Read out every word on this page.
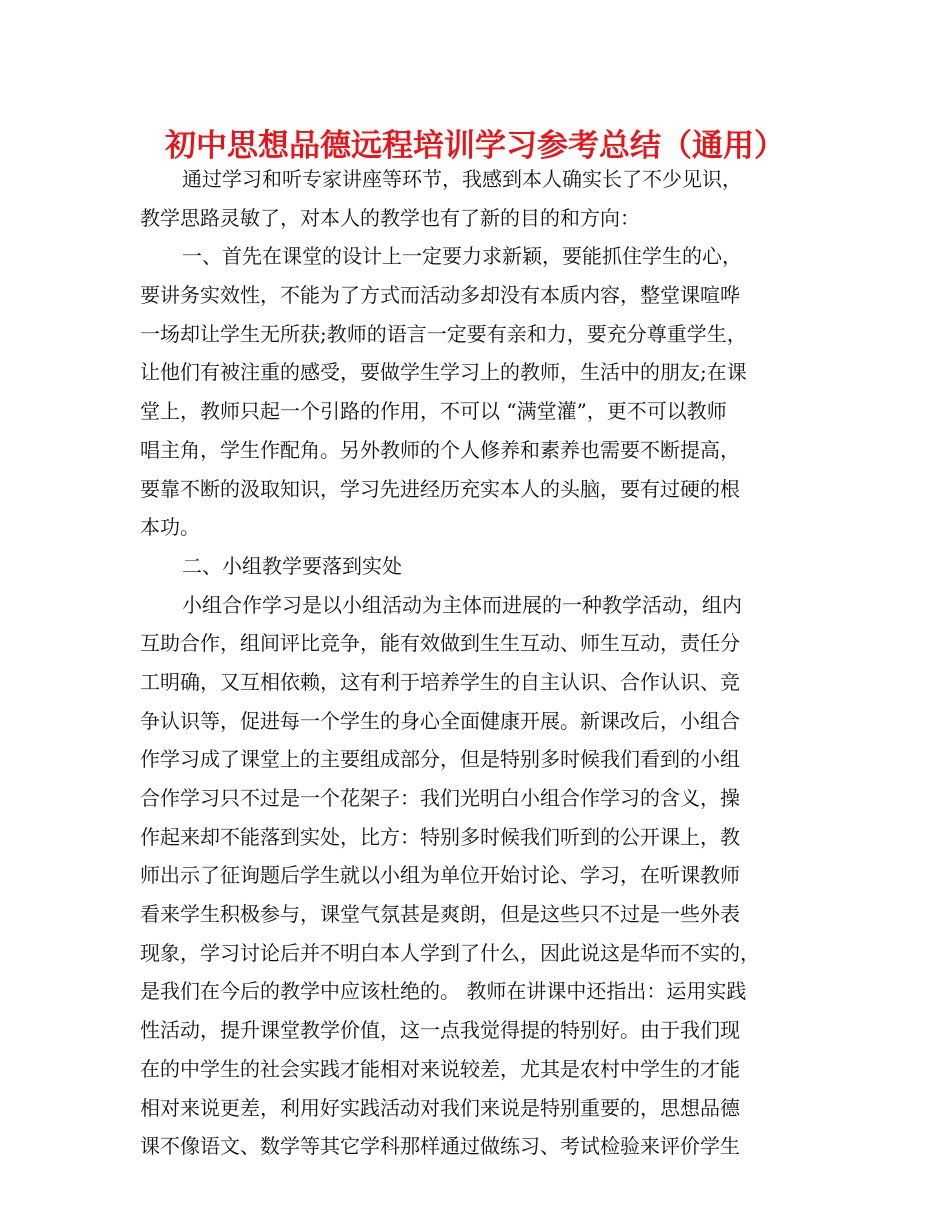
初中思想品德远程培训学习参考总结（通用）
通过学习和听专家讲座等环节，我感到本人确实长了不少见识，
教学思路灵敏了，对本人的教学也有了新的目的和方向：
一、首先在课堂的设计上一定要力求新颖，要能抓住学生的心，
要讲务实效性，不能为了方式而活动多却没有本质内容，整堂课喧哗
一场却让学生无所获;教师的语言一定要有亲和力，要充分尊重学生，
让他们有被注重的感受，要做学生学习上的教师，生活中的朋友;在课
堂上，教师只起一个引路的作用，不可以 “满堂灌”，更不可以教师
唱主角，学生作配角。另外教师的个人修养和素养也需要不断提高，
要靠不断的汲取知识，学习先进经历充实本人的头脑，要有过硬的根
本功。
二、小组教学要落到实处
小组合作学习是以小组活动为主体而进展的一种教学活动，组内
互助合作，组间评比竞争，能有效做到生生互动、师生互动，责任分
工明确，又互相依赖，这有利于培养学生的自主认识、合作认识、竞
争认识等，促进每一个学生的身心全面健康开展。新课改后，小组合
作学习成了课堂上的主要组成部分，但是特别多时候我们看到的小组
合作学习只不过是一个花架子：我们光明白小组合作学习的含义，操
作起来却不能落到实处，比方：特别多时候我们听到的公开课上，教
师出示了征询题后学生就以小组为单位开始讨论、学习，在听课教师
看来学生积极参与，课堂气氛甚是爽朗，但是这些只不过是一些外表
现象，学习讨论后并不明白本人学到了什么，因此说这是华而不实的，
是我们在今后的教学中应该杜绝的。 教师在讲课中还指出：运用实践
性活动，提升课堂教学价值，这一点我觉得提的特别好。由于我们现
在的中学生的社会实践才能相对来说较差，尤其是农村中学生的才能
相对来说更差，利用好实践活动对我们来说是特别重要的，思想品德
课不像语文、数学等其它学科那样通过做练习、考试检验来评价学生
